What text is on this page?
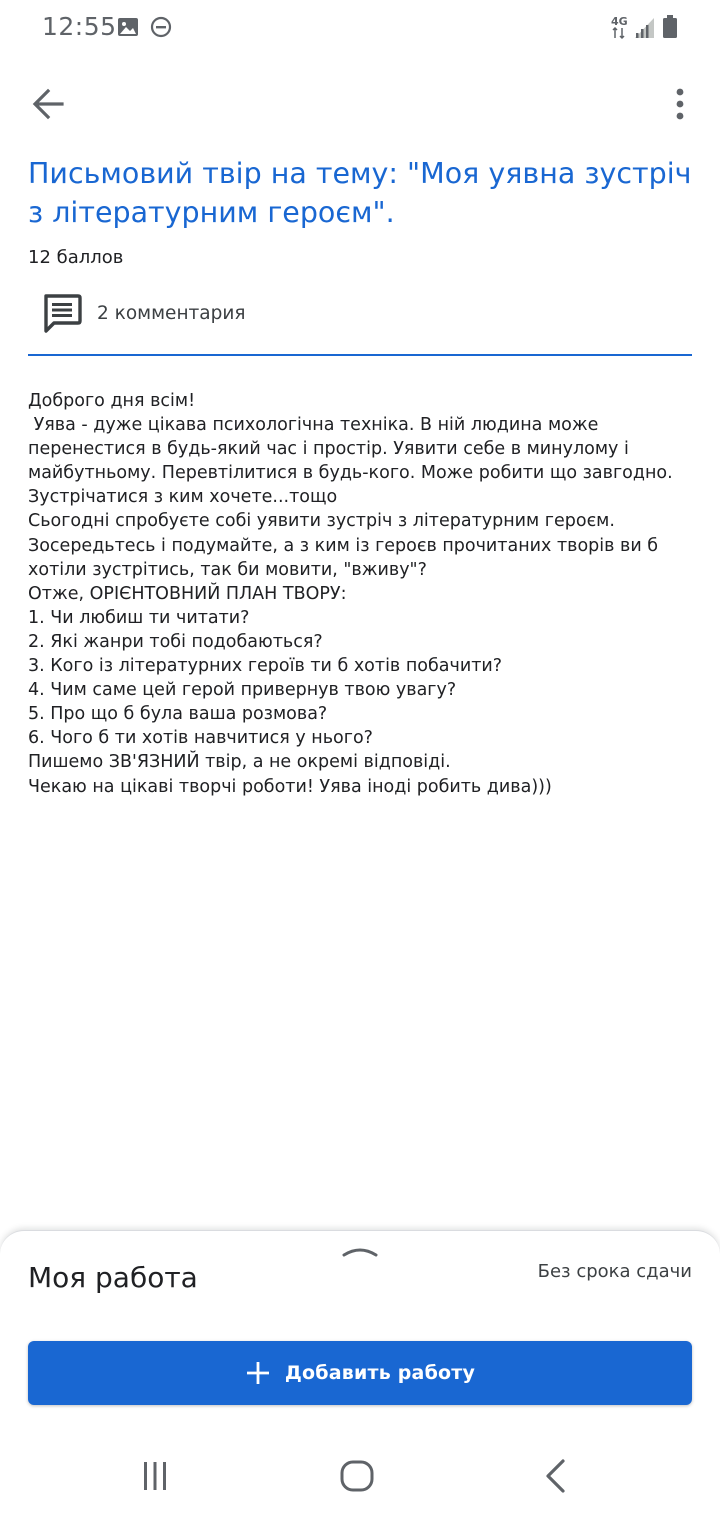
12:55	4G
Письмовий твір на тему: "Моя уявна зустріч з літературним героєм".
12 баллов
2 комментария
Доброго дня всім!
Уява - дуже цікава психологічна техніка. В ній людина може перенестися в будь-який час і простір. Уявити себе в минулому і майбутньому. Перевтілитися в будь-кого. Може робити що завгодно. Зустрічатися з ким хочете...тощо
Сьогодні спробуєте собі уявити зустріч з літературним героєм. Зосередьтесь і подумайте, а з ким із героєв прочитаних творів ви б хотіли зустрітись, так би мовити, "вживу"?
Отже, ОРІЄНТОВНИЙ ПЛАН ТВОРУ:
1. Чи любиш ти читати?
2. Які жанри тобі подобаються?
3. Кого із літературних героїв ти б хотів побачити?
4. Чим саме цей герой привернув твою увагу?
5. Про що б була ваша розмова?
6. Чого б ти хотів навчитися у нього?
Пишемо ЗВ'ЯЗНИЙ твір, а не окремі відповіді.
Чекаю на цікаві творчі роботи! Уява іноді робить дива)))
Моя работа	Без срока сдачи
Добавить работу
